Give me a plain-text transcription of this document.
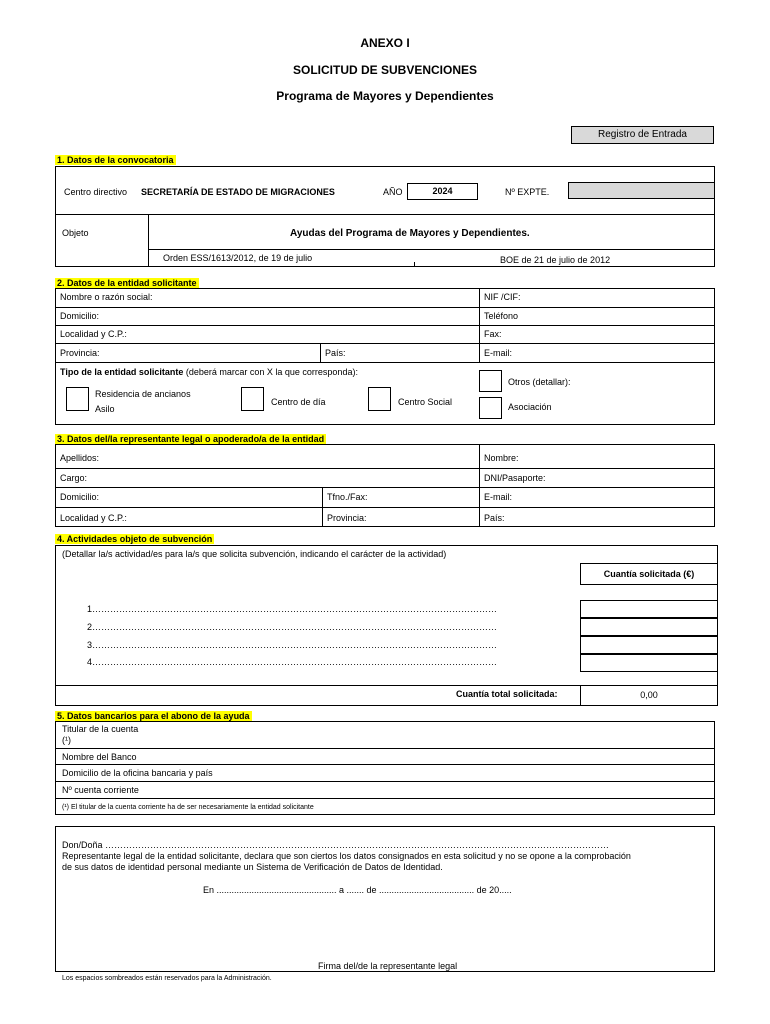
ANEXO I
SOLICITUD DE SUBVENCIONES
Programa de Mayores y Dependientes
Registro de Entrada
1. Datos de la convocatoria
Centro directivo SECRETARÍA DE ESTADO DE MIGRACIONES	AÑO	2024	Nº EXPTE.
Objeto	Ayudas del Programa de Mayores y Dependientes.
Orden ESS/1613/2012, de 19 de julio	BOE de 21 de julio de 2012
2. Datos de la entidad solicitante
Nombre o razón social:	NIF /CIF:
Domicilio:	Teléfono
Localidad y C.P.:	Fax:
Provincia:	País:	E-mail:
Tipo de la entidad solicitante (deberá marcar con X la que corresponda):
Residencia de ancianos
Asilo
Centro de día	Centro Social
Otros (detallar):
Asociación
3. Datos del/la representante legal o apoderado/a de la entidad
Apellidos:	Nombre:
Cargo:	DNI/Pasaporte:
Domicilio:	Tfno./Fax:	E-mail:
Localidad y C.P.:	Provincia:	País:
4. Actividades objeto de subvención
(Detallar la/s actividad/es para la/s que solicita subvención, indicando el carácter de la actividad)
Cuantía solicitada (€)
1………………………………………………………………………………………………………………………
2………………………………………………………………………………………………………………………
3………………………………………………………………………………………………………………………
4………………………………………………………………………………………………………………………
Cuantía total solicitada:	0,00
5. Datos bancarios para el abono de la ayuda
Titular de la cuenta
(¹)
Nombre del Banco
Domicilio de la oficina bancaria y país
Nº cuenta corriente
(¹) El titular de la cuenta corriente ha de ser necesariamente la entidad solicitante
Don/Doña ……………………………………………………………………………………………………………………………………………………
Representante legal de la entidad solicitante, declara que son ciertos los datos consignados en esta solicitud y no se opone a la comprobación
de sus datos de identidad personal mediante un Sistema de Verificación de Datos de Identidad.
En ................................................ a ....... de ...................................... de 20.....
Firma del/de la representante legal
Los espacios sombreados están reservados para la Administración.
